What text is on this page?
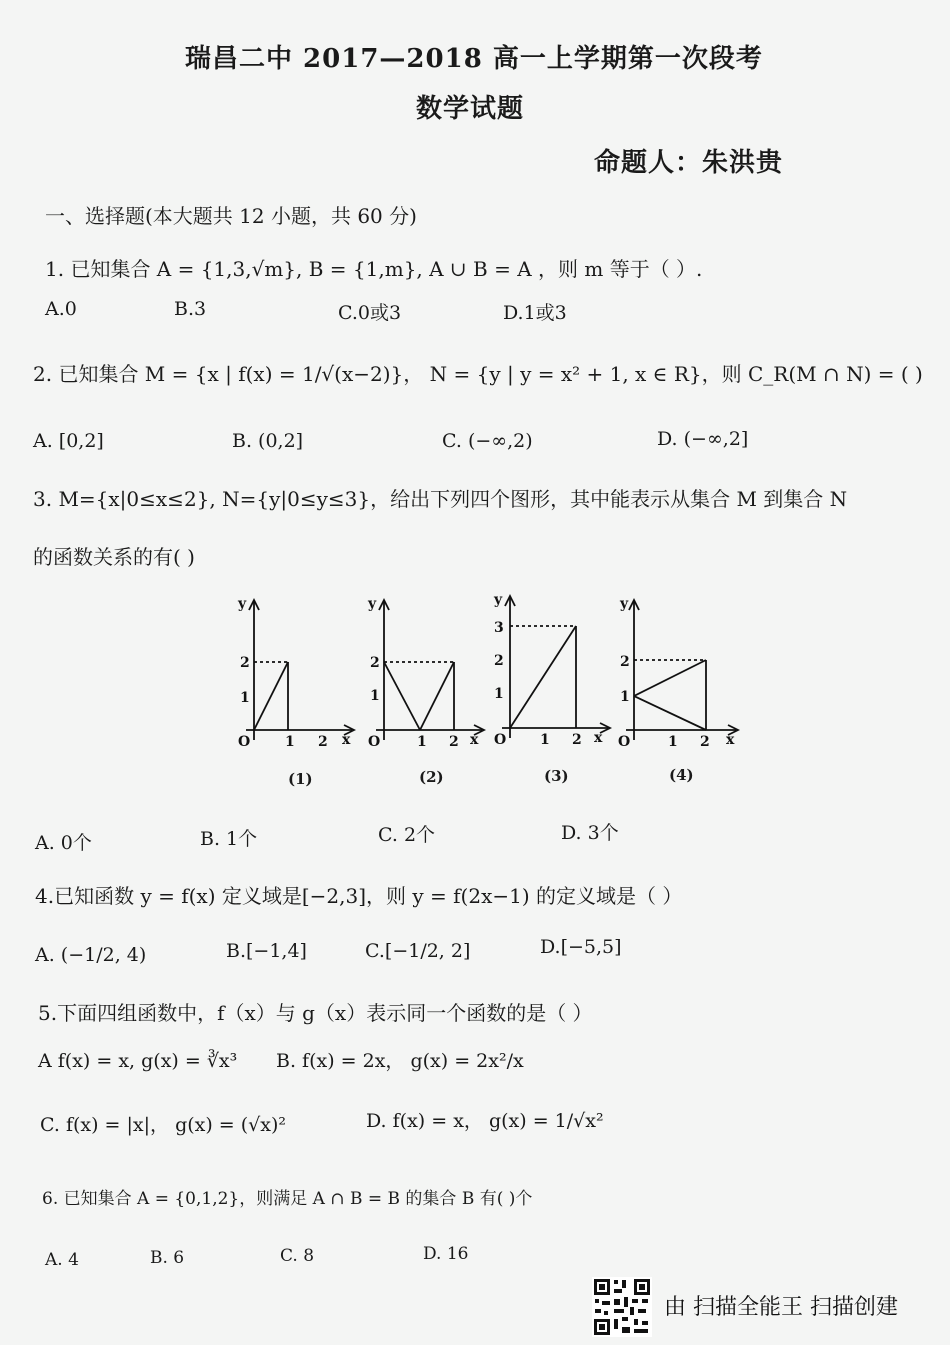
瑞昌二中 2017—2018 高一上学期第一次段考
数学试题
命题人：朱洪贵
一、选择题(本大题共 12 小题，共 60 分)
1. 已知集合 A = {1,3,√m}, B = {1,m}, A ∪ B = A ，则 m 等于（ ）.
A.0	B.3	C.0或3	D.1或3
2. 已知集合 M = {x | f(x) = 1/√(x−2)}， N = {y | y = x² + 1, x ∈ R}，则 C_R(M ∩ N) = ( )
A. [0,2]	B. (0,2]	C. (−∞,2)	D. (−∞,2]
3. M={x|0≤x≤2}, N={y|0≤y≤3}，给出下列四个图形，其中能表示从集合 M 到集合 N
的函数关系的有( )
y
2
1
O 1 2 x
(1)
y
2
1
O	1 2 x
(2)
y
3
2
1
O 1 2 x
(3)
y
2
1
O	1 2 x
(4)
A. 0个	B. 1个	C. 2个	D. 3个
4.已知函数 y = f(x) 定义域是[−2,3]，则 y = f(2x−1) 的定义域是（ ）
A. (−1/2, 4)	B.[−1,4]	C.[−1/2, 2]	D.[−5,5]
5.下面四组函数中，f（x）与 g（x）表示同一个函数的是（ ）
A f(x) = x, g(x) = ∛x³ B. f(x) = 2x， g(x) = 2x²/x
C. f(x) = |x|， g(x) = (√x)²	D. f(x) = x， g(x) = 1/√x²
6. 已知集合 A = {0,1,2}，则满足 A ∩ B = B 的集合 B 有( )个
A. 4	B. 6	C. 8	D. 16
由 扫描全能王 扫描创建
